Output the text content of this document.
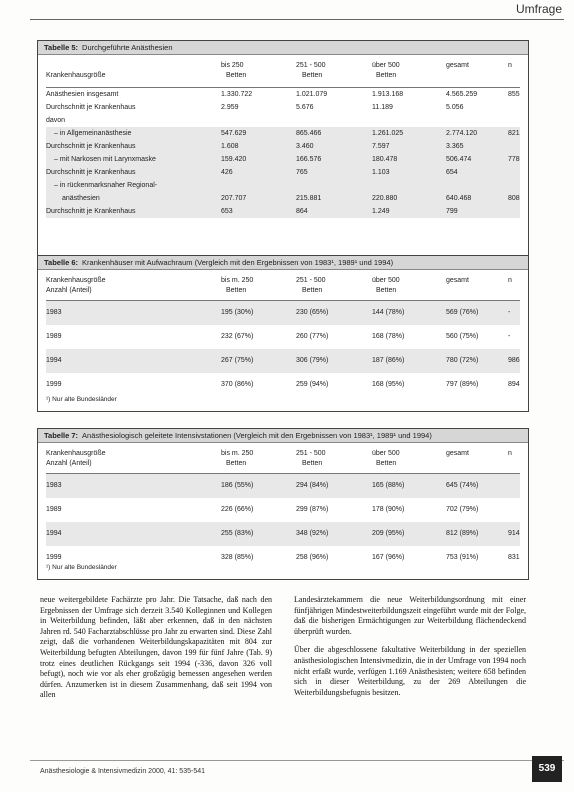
Umfrage
Tabelle 5: Durchgeführte Anästhesien
bis 250	251 - 500	über 500	gesamt	n
Krankenhausgröße	Betten	Betten	Betten
Anästhesien insgesamt	1.330.722	1.021.079	1.913.168	4.565.259	855
Durchschnitt je Krankenhaus	2.959	5.676	11.189	5.056
davon
– in Allgemeinanästhesie	547.629	865.466	1.261.025	2.774.120	821
Durchschnitt je Krankenhaus	1.608	3.460	7.597	3.365
– mit Narkosen mit Larynxmaske	159.420	166.576	180.478	506.474	778
Durchschnitt je Krankenhaus	426	765	1.103	654
– in rückenmarksnaher Regional-
anästhesien	207.707	215.881	220.880	640.468	808
Durchschnitt je Krankenhaus	653	864	1.249	799
Tabelle 6: Krankenhäuser mit Aufwachraum (Vergleich mit den Ergebnissen von 1983¹, 1989¹ und 1994)
Krankenhausgröße	bis m. 250	251 - 500	über 500	gesamt	n
Anzahl (Anteil)	Betten	Betten	Betten
1983	195 (30%)	230 (65%)	144 (78%)	569 (76%)	-
1989	232 (67%)	260 (77%)	168 (78%)	560 (75%)	-
1994	267 (75%)	306 (79%)	187 (86%)	780 (72%)	986
1999	370 (86%)	259 (94%)	168 (95%)	797 (89%)	894
¹) Nur alte Bundesländer
Tabelle 7: Anästhesiologisch geleitete Intensivstationen (Vergleich mit den Ergebnissen von 1983¹, 1989¹ und 1994)
Krankenhausgröße	bis m. 250	251 - 500	über 500	gesamt	n
Anzahl (Anteil)	Betten	Betten	Betten
1983	186 (55%)	294 (84%)	165 (88%)	645 (74%)
1989	226 (66%)	299 (87%)	178 (90%)	702 (79%)
1994	255 (83%)	348 (92%)	209 (95%)	812 (89%)	914
1999	328 (85%)	258 (96%)	167 (96%)	753 (91%)	831
¹) Nur alte Bundesländer

neue weitergebildete Fachärzte pro Jahr. Die Tatsache, daß nach den Ergebnissen der Umfrage sich derzeit 3.540 Kolleginnen und Kollegen in Weiterbildung befinden, läßt aber erkennen, daß in den nächsten Jahren rd. 540 Facharztabschlüsse pro Jahr zu erwarten sind. Diese Zahl zeigt, daß die vorhandenen Weiterbildungskapazitäten mit 804 zur Weiterbildung befugten Abteilungen, davon 199 für fünf Jahre (Tab. 9) trotz eines deutlichen Rückgangs seit 1994 (-336, davon 326 voll befugt), noch wie vor als eher großzügig bemessen angesehen werden dürfen. Anzumerken ist in diesem Zusammenhang, daß seit 1994 von allen

Landesärztekammern die neue Weiterbildungsordnung mit einer fünfjährigen Mindestweiterbildungszeit eingeführt wurde mit der Folge, daß die bisherigen Ermächtigungen zur Weiterbildung flächendeckend überprüft wurden.

Über die abgeschlossene fakultative Weiterbildung in der speziellen anästhesiologischen Intensivmedizin, die in der Umfrage von 1994 noch nicht erfaßt wurde, verfügen 1.169 Anästhesisten; weitere 658 befinden sich in dieser Weiterbildung, zu der 269 Abteilungen die Weiterbildungsbefugnis besitzen.

Anästhesiologie & Intensivmedizin 2000, 41: 535-541	539
